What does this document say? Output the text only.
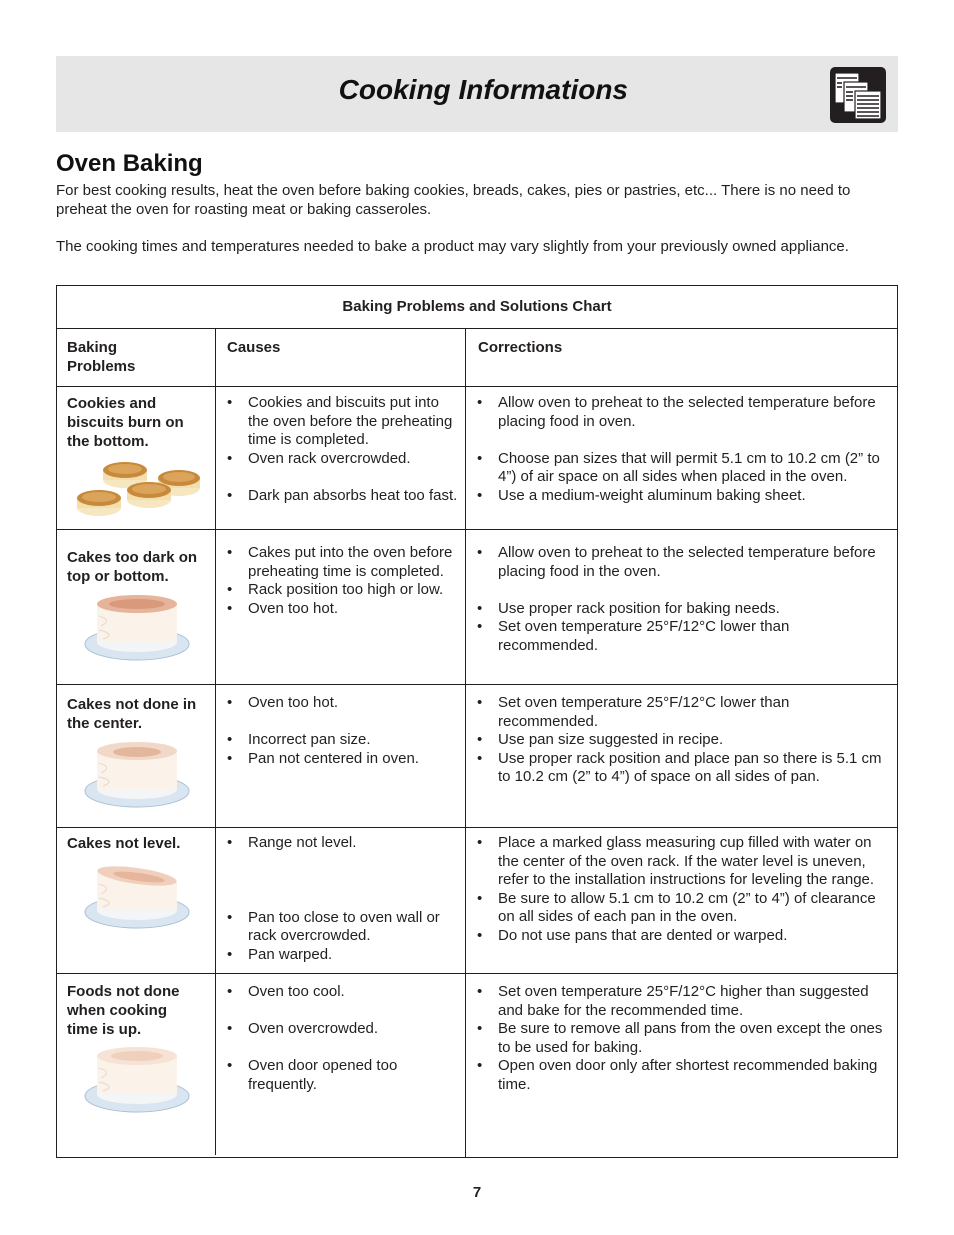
Cooking Informations
Oven Baking

For best cooking results, heat the oven before baking cookies, breads, cakes, pies or pastries, etc... There is no need to preheat the oven for roasting meat or baking casseroles.

The cooking times and temperatures needed to bake a product may vary slightly from your previously owned appliance.

Baking Problems and Solutions Chart
Baking Problems
Causes	Corrections
Cookies and biscuits burn on the bottom.
• Cookies and biscuits put into the oven before the preheating time is completed.
• Oven rack overcrowded.
• Dark pan absorbs heat too fast.
• Allow oven to preheat to the selected temperature before placing food in oven.
• Choose pan sizes that will permit 5.1 cm to 10.2 cm (2” to 4”) of air space on all sides when placed in the oven.
• Use a medium-weight aluminum baking sheet.
Cakes too dark on top or bottom.
• Cakes put into the oven before preheating time is completed.
• Rack position too high or low.
• Oven too hot.
• Allow oven to preheat to the selected temperature before placing food in the oven.
• Use proper rack position for baking needs.
• Set oven temperature 25°F/12°C lower than recommended.
Cakes not done in the center.
• Oven too hot.
• Incorrect pan size.
• Pan not centered in oven.
• Set oven temperature 25°F/12°C lower than recommended.
• Use pan size suggested in recipe.
• Use proper rack position and place pan so there is 5.1 cm to 10.2 cm (2” to 4”) of space on all sides of pan.
Cakes not level.
•	Range not level.
• Pan too close to oven wall or rack overcrowded.
• Pan warped.
• Place a marked glass measuring cup filled with water on the center of the oven rack. If the water level is uneven, refer to the installation instructions for leveling the range.
• Be sure to allow 5.1 cm to 10.2 cm (2” to 4”) of clearance on all sides of each pan in the oven.
• Do not use pans that are dented or warped.
Foods not done when cooking time is up.
• Oven too cool.
• Oven overcrowded.
• Oven door opened too frequently.
• Set oven temperature 25°F/12°C higher than suggested and bake for the recommended time.
• Be sure to remove all pans from the oven except the ones to be used for baking.
• Open oven door only after shortest recommended baking time.
7
